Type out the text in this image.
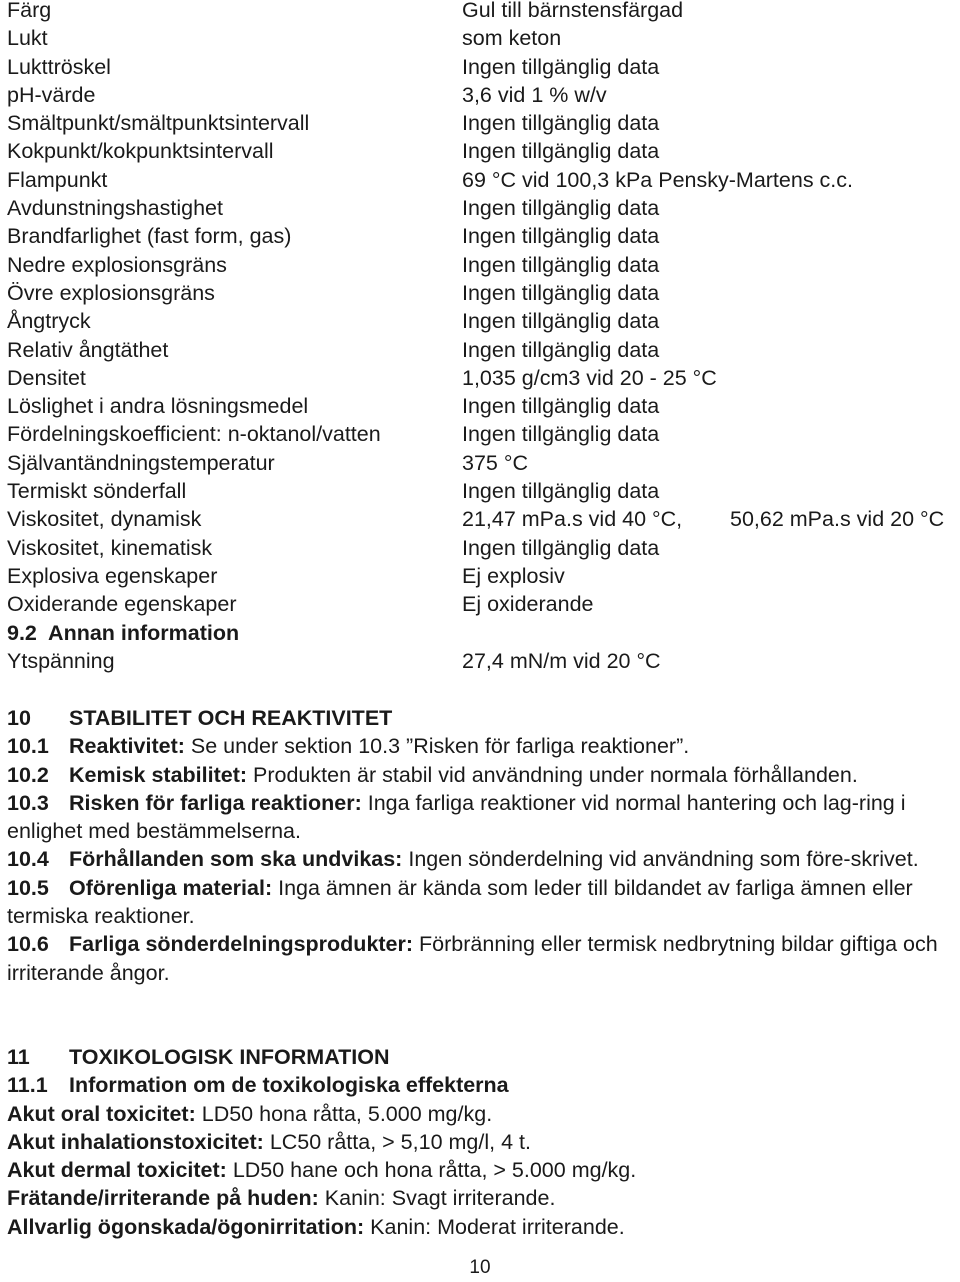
Färg	Gul till bärnstensfärgad
Lukt	som keton
Lukttröskel	Ingen tillgänglig data
pH-värde	3,6 vid 1 % w/v
Smältpunkt/smältpunktsintervall	Ingen tillgänglig data
Kokpunkt/kokpunktsintervall	Ingen tillgänglig data
Flampunkt	69 °C vid 100,3 kPa Pensky-Martens c.c.
Avdunstningshastighet	Ingen tillgänglig data
Brandfarlighet (fast form, gas)	Ingen tillgänglig data
Nedre explosionsgräns	Ingen tillgänglig data
Övre explosionsgräns	Ingen tillgänglig data
Ångtryck	Ingen tillgänglig data
Relativ ångtäthet	Ingen tillgänglig data
Densitet	1,035 g/cm3 vid 20 - 25 °C
Löslighet i andra lösningsmedel	Ingen tillgänglig data
Fördelningskoefficient: n-oktanol/vatten	Ingen tillgänglig data
Självantändningstemperatur	375 °C
Termiskt sönderfall	Ingen tillgänglig data
Viskositet, dynamisk	21,47 mPa.s vid 40 °C, 50,62 mPa.s vid 20 °C
Viskositet, kinematisk	Ingen tillgänglig data
Explosiva egenskaper	Ej explosiv
Oxiderande egenskaper	Ej oxiderande
9.2  Annan information
Ytspänning	27,4 mN/m vid 20 °C
10 STABILITET OCH REAKTIVITET
10.1 Reaktivitet: Se under sektion 10.3 ”Risken för farliga reaktioner”.
10.2 Kemisk stabilitet: Produkten är stabil vid användning under normala förhållanden.
10.3 Risken för farliga reaktioner: Inga farliga reaktioner vid normal hantering och lag-ring i enlighet med bestämmelserna.
10.4 Förhållanden som ska undvikas: Ingen sönderdelning vid användning som före-skrivet.
10.5 Oförenliga material: Inga ämnen är kända som leder till bildandet av farliga ämnen eller termiska reaktioner.
10.6 Farliga sönderdelningsprodukter: Förbränning eller termisk nedbrytning bildar giftiga och irriterande ångor.
11 TOXIKOLOGISK INFORMATION
11.1 Information om de toxikologiska effekterna
Akut oral toxicitet: LD50 hona råtta, 5.000 mg/kg.
Akut inhalationstoxicitet: LC50 råtta, > 5,10 mg/l, 4 t.
Akut dermal toxicitet: LD50 hane och hona råtta, > 5.000 mg/kg.
Frätande/irriterande på huden: Kanin: Svagt irriterande.
Allvarlig ögonskada/ögonirritation: Kanin: Moderat irriterande.
10
